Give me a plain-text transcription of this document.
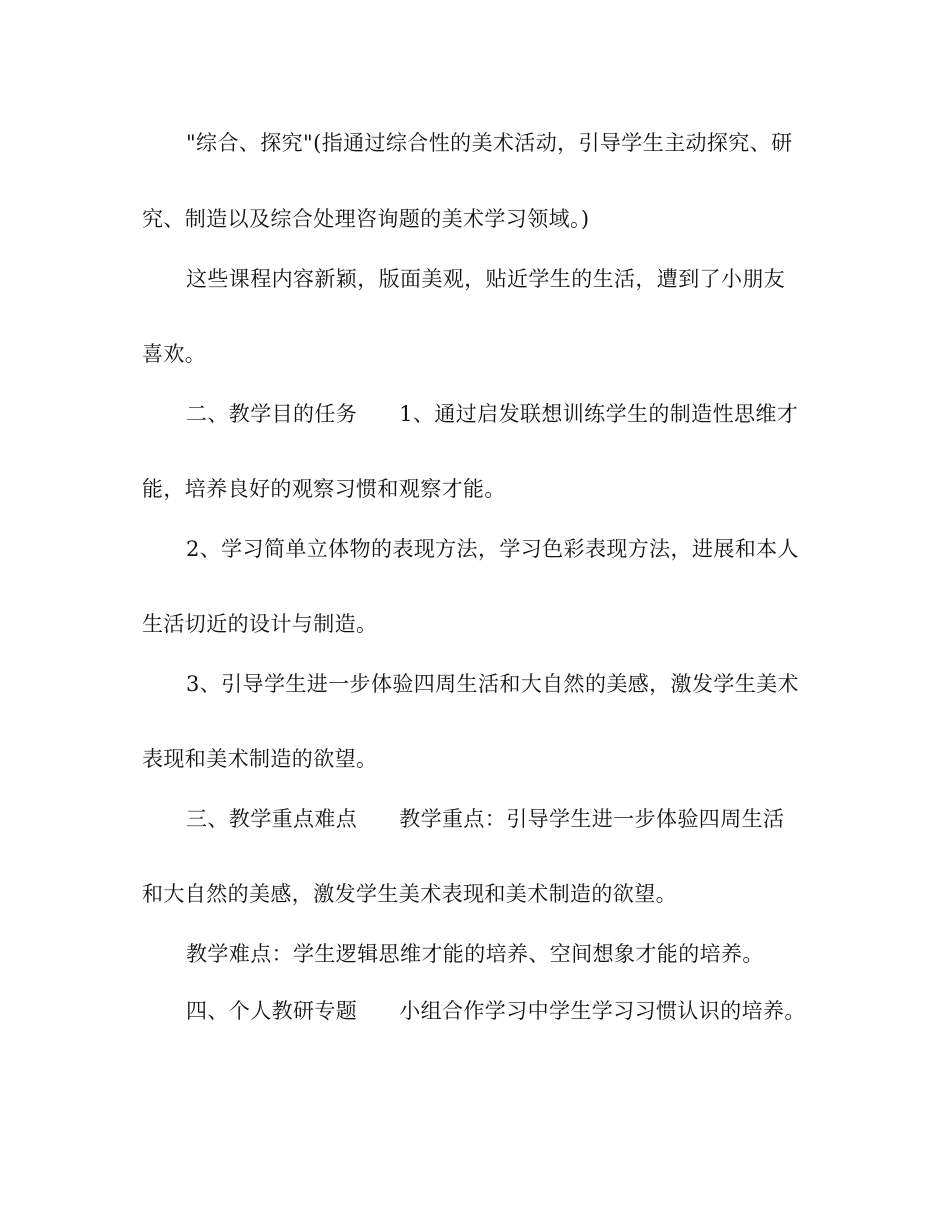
"综合、探究"(指通过综合性的美术活动，引导学生主动探究、研
究、制造以及综合处理咨询题的美术学习领域。)
这些课程内容新颖，版面美观，贴近学生的生活，遭到了小朋友
喜欢。
二、教学目的任务 1、通过启发联想训练学生的制造性思维才
能，培养良好的观察习惯和观察才能。
2、学习简单立体物的表现方法，学习色彩表现方法，进展和本人
生活切近的设计与制造。
3、引导学生进一步体验四周生活和大自然的美感，激发学生美术
表现和美术制造的欲望。
三、教学重点难点 教学重点：引导学生进一步体验四周生活
和大自然的美感，激发学生美术表现和美术制造的欲望。
教学难点：学生逻辑思维才能的培养、空间想象才能的培养。
四、个人教研专题 小组合作学习中学生学习习惯认识的培养。
